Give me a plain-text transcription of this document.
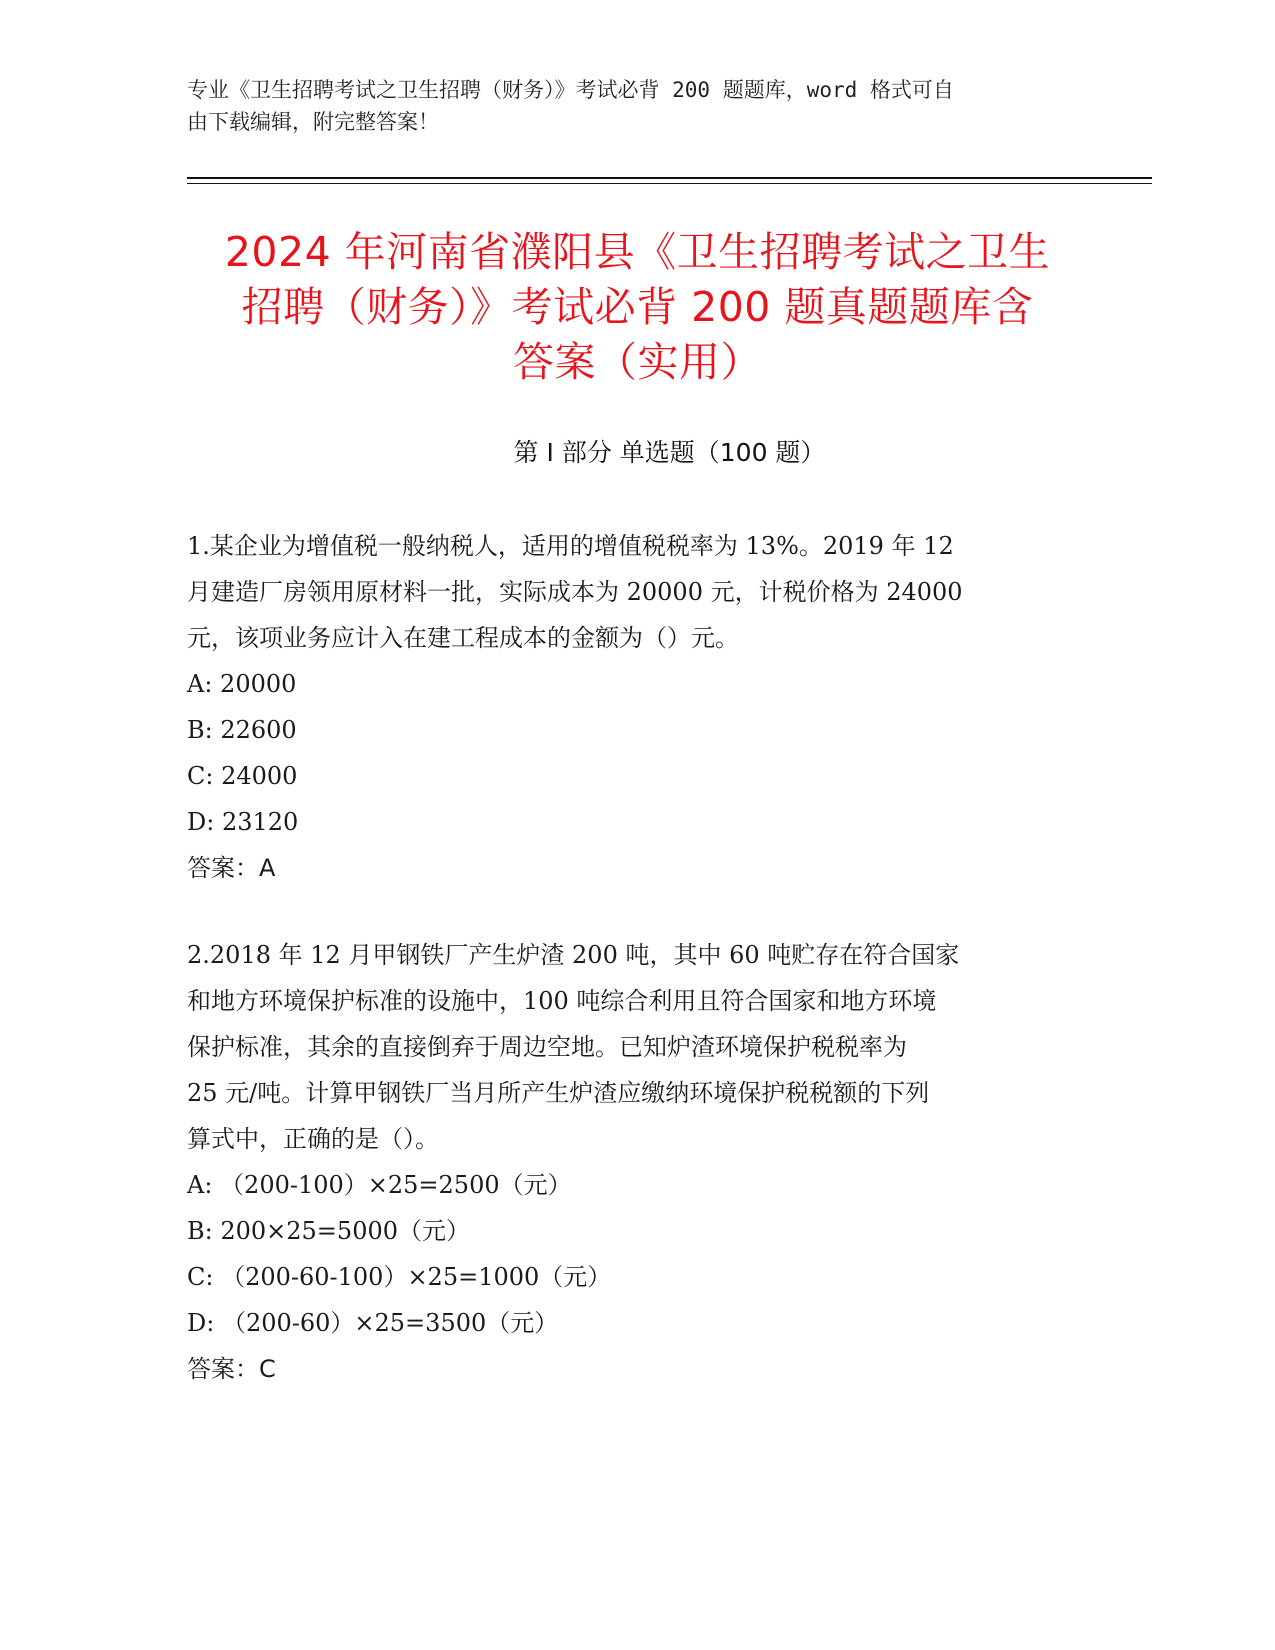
专业《卫生招聘考试之卫生招聘（财务）》考试必背 200 题题库，word 格式可自
由下载编辑，附完整答案！
2024 年河南省濮阳县《卫生招聘考试之卫生
招聘（财务）》考试必背 200 题真题题库含
答案（实用）
第 I 部分 单选题（100 题）

1.某企业为增值税一般纳税人，适用的增值税税率为 13%。2019 年 12

月建造厂房领用原材料一批，实际成本为 20000 元，计税价格为 24000

元，该项业务应计入在建工程成本的金额为（）元。

A: 20000

B: 22600

C: 24000

D: 23120

答案：A

2.2018 年 12 月甲钢铁厂产生炉渣 200 吨，其中 60 吨贮存在符合国家

和地方环境保护标准的设施中，100 吨综合利用且符合国家和地方环境

保护标准，其余的直接倒弃于周边空地。已知炉渣环境保护税税率为

25 元/吨。计算甲钢铁厂当月所产生炉渣应缴纳环境保护税税额的下列

算式中，正确的是（）。

A: （200-100）×25=2500（元）

B: 200×25=5000（元）

C: （200-60-100）×25=1000（元）

D: （200-60）×25=3500（元）

答案：C
